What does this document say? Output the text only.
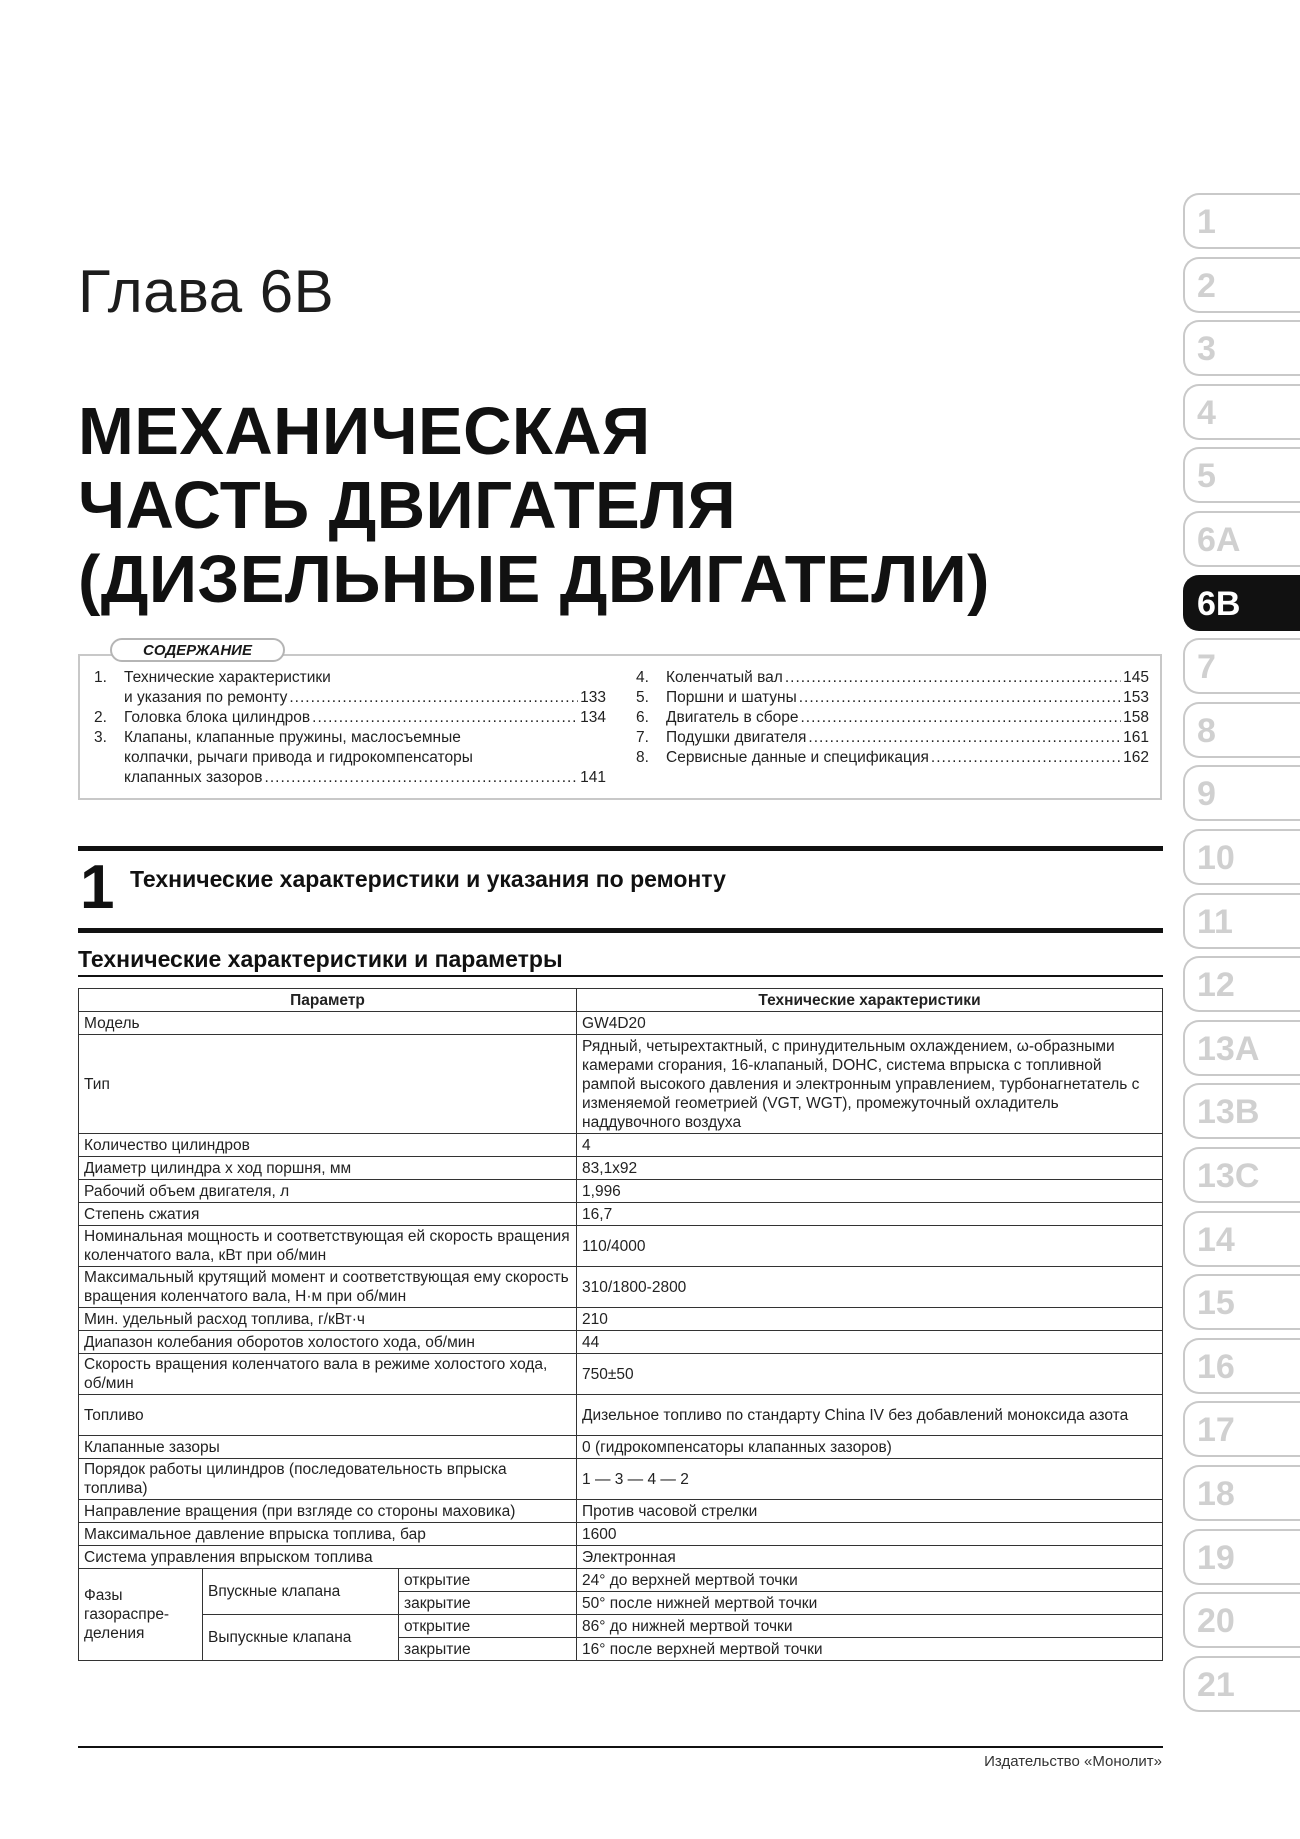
Глава 6В
МЕХАНИЧЕСКАЯ
ЧАСТЬ ДВИГАТЕЛЯ
(ДИЗЕЛЬНЫЕ ДВИГАТЕЛИ)
СОДЕРЖАНИЕ
1. Технические характеристики
и указания по ремонту .....	133
2. Головка блока цилиндров .....	134
3. Клапаны, клапанные пружины, маслосъемные
колпачки, рычаги привода и гидрокомпенсаторы
клапанных зазоров .....	141
4. Коленчатый вал .....	145
5. Поршни и шатуны .....	153
6. Двигатель в сборе .....	158
7. Подушки двигателя .....	161
8. Сервисные данные и спецификация .....	162
1 Технические характеристики и указания по ремонту
Технические характеристики и параметры
Параметр			Технические характеристики
Модель			GW4D20
Тип			Рядный, четырехтактный, с принудительным охлаждением, ω-образными камерами сгорания, 16-клапаный, DOHC, система впрыска с топливной рампой высокого давления и электронным управлением, турбонагнетатель с изменяемой геометрией (VGT, WGT), промежуточный охладитель наддувочного воздуха
Количество цилиндров			4
Диаметр цилиндра x ход поршня, мм			83,1x92
Рабочий объем двигателя, л			1,996
Степень сжатия			16,7
Номинальная мощность и соответствующая ей скорость вращения коленчатого вала, кВт при об/мин			110/4000
Максимальный крутящий момент и соответствующая ему скорость вращения коленчатого вала, Н·м при об/мин			310/1800-2800
Мин. удельный расход топлива, г/кВт·ч			210
Диапазон колебания оборотов холостого хода, об/мин			44
Скорость вращения коленчатого вала в режиме холостого хода, об/мин			750±50
Топливо			Дизельное топливо по стандарту China IV без добавлений моноксида азота
Клапанные зазоры			0 (гидрокомпенсаторы клапанных зазоров)
Порядок работы цилиндров (последовательность впрыска топлива)			1 — 3 — 4 — 2
Направление вращения (при взгляде со стороны маховика)			Против часовой стрелки
Максимальное давление впрыска топлива, бар			1600
Система управления впрыском топлива			Электронная
Фазы газораспре-деления	Впускные клапана	открытие	24° до верхней мертвой точки
		закрытие	50° после нижней мертвой точки
	Выпускные клапана	открытие	86° до нижней мертвой точки
		закрытие	16° после верхней мертвой точки
Издательство «Монолит»
1
2
3
4
5
6А
6В
7
8
9
10
11
12
13А
13В
13С
14
15
16
17
18
19
20
21
